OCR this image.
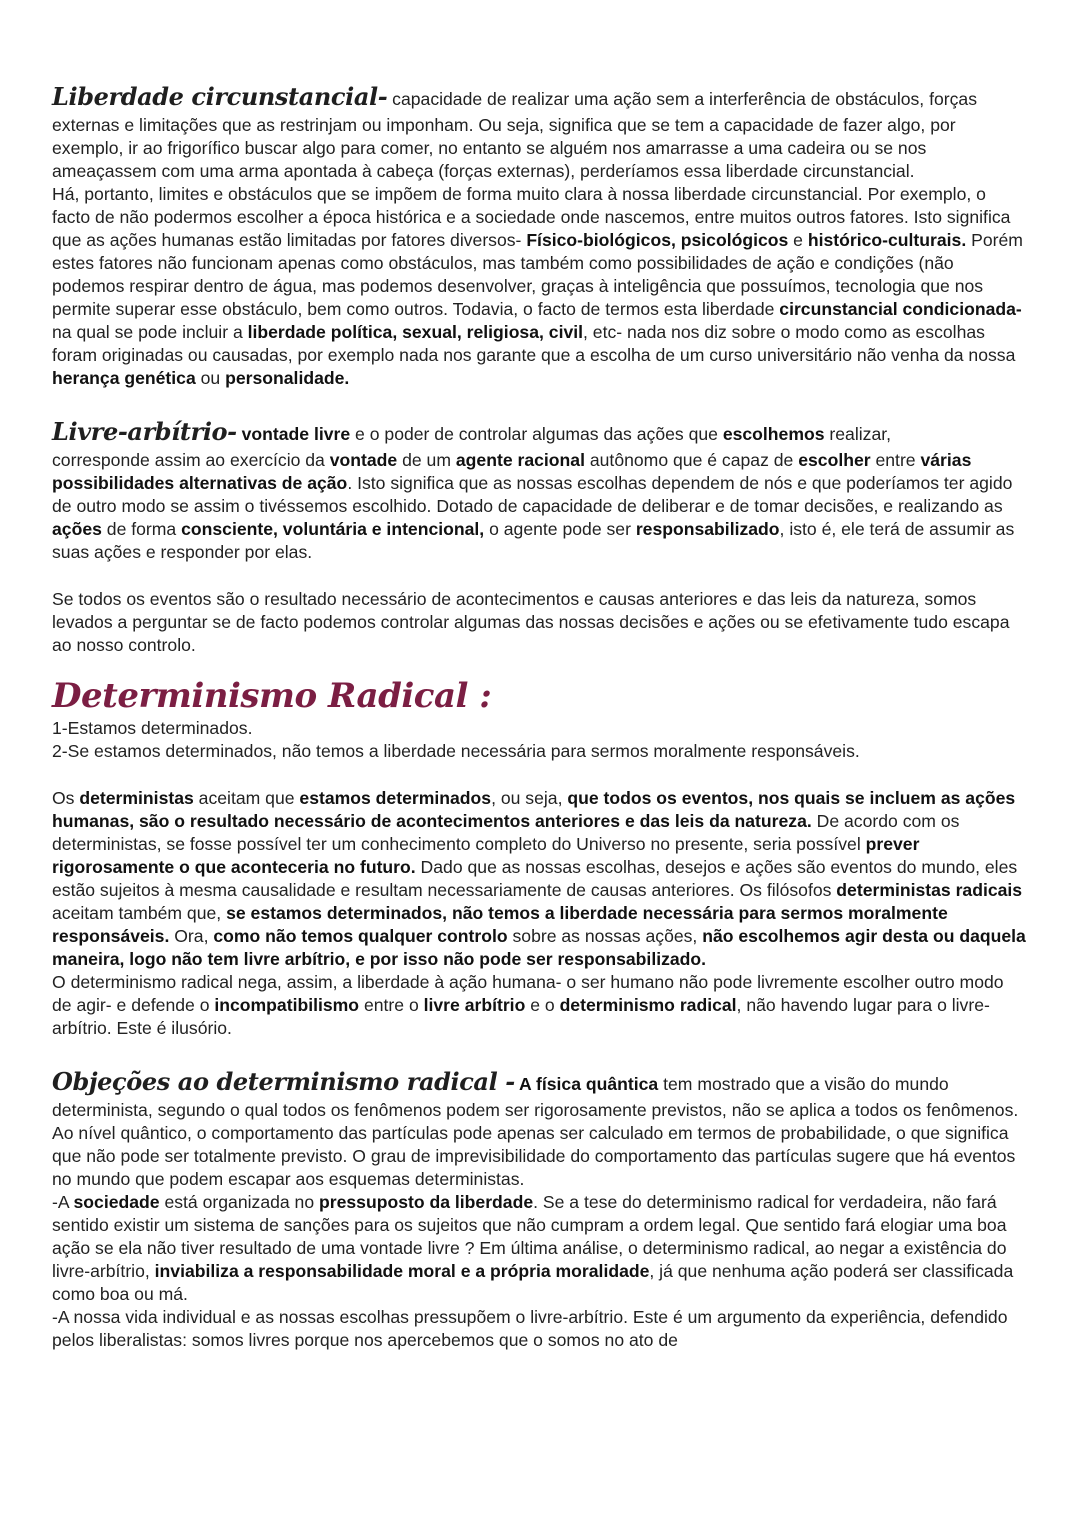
Liberdade circunstancial- capacidade de realizar uma ação sem a interferência de obstáculos, forças
externas e limitações que as restrinjam ou imponham. Ou seja, significa que se tem a capacidade de fazer algo, por exemplo, ir ao frigorífico buscar algo para comer, no entanto se alguém nos amarrasse a uma cadeira ou se nos ameaçassem com uma arma apontada à cabeça (forças externas), perderíamos essa liberdade circunstancial.
Há, portanto, limites e obstáculos que se impõem de forma muito clara à nossa liberdade circunstancial. Por exemplo, o facto de não podermos escolher a época histórica e a sociedade onde nascemos, entre muitos outros fatores. Isto significa que as ações humanas estão limitadas por fatores diversos- Físico-biológicos, psicológicos e histórico-culturais. Porém estes fatores não funcionam apenas como obstáculos, mas também como possibilidades de ação e condições (não podemos respirar dentro de água, mas podemos desenvolver, graças à inteligência que possuímos, tecnologia que nos permite superar esse obstáculo, bem como outros. Todavia, o facto de termos esta liberdade circunstancial condicionada- na qual se pode incluir a liberdade política, sexual, religiosa, civil, etc- nada nos diz sobre o modo como as escolhas foram originadas ou causadas, por exemplo nada nos garante que a escolha de um curso universitário não venha da nossa herança genética ou personalidade.
Livre-arbítrio- vontade livre e o poder de controlar algumas das ações que escolhemos realizar,
corresponde assim ao exercício da vontade de um agente racional autônomo que é capaz de escolher entre várias possibilidades alternativas de ação. Isto significa que as nossas escolhas dependem de nós e que poderíamos ter agido de outro modo se assim o tivéssemos escolhido. Dotado de capacidade de deliberar e de tomar decisões, e realizando as ações de forma consciente, voluntária e intencional, o agente pode ser responsabilizado, isto é, ele terá de assumir as suas ações e responder por elas.
Se todos os eventos são o resultado necessário de acontecimentos e causas anteriores e das leis da natureza, somos levados a perguntar se de facto podemos controlar algumas das nossas decisões e ações ou se efetivamente tudo escapa ao nosso controlo.
Determinismo Radical :
1-Estamos determinados.
2-Se estamos determinados, não temos a liberdade necessária para sermos moralmente responsáveis.
Os deterministas aceitam que estamos determinados, ou seja, que todos os eventos, nos quais se incluem as ações humanas, são o resultado necessário de acontecimentos anteriores e das leis da natureza. De acordo com os deterministas, se fosse possível ter um conhecimento completo do Universo no presente, seria possível prever rigorosamente o que aconteceria no futuro. Dado que as nossas escolhas, desejos e ações são eventos do mundo, eles estão sujeitos à mesma causalidade e resultam necessariamente de causas anteriores. Os filósofos deterministas radicais aceitam também que, se estamos determinados, não temos a liberdade necessária para sermos moralmente responsáveis. Ora, como não temos qualquer controlo sobre as nossas ações, não escolhemos agir desta ou daquela maneira, logo não tem livre arbítrio, e por isso não pode ser responsabilizado.
O determinismo radical nega, assim, a liberdade à ação humana- o ser humano não pode livremente escolher outro modo de agir- e defende o incompatibilismo entre o livre arbítrio e o determinismo radical, não havendo lugar para o livre-arbítrio. Este é ilusório.
Objeções ao determinismo radical - A física quântica tem mostrado que a visão do mundo
determinista, segundo o qual todos os fenômenos podem ser rigorosamente previstos, não se aplica a todos os fenômenos. Ao nível quântico, o comportamento das partículas pode apenas ser calculado em termos de probabilidade, o que significa que não pode ser totalmente previsto. O grau de imprevisibilidade do comportamento das partículas sugere que há eventos no mundo que podem escapar aos esquemas deterministas.
-A sociedade está organizada no pressuposto da liberdade. Se a tese do determinismo radical for verdadeira, não fará sentido existir um sistema de sanções para os sujeitos que não cumpram a ordem legal. Que sentido fará elogiar uma boa ação se ela não tiver resultado de uma vontade livre ? Em última análise, o determinismo radical, ao negar a existência do livre-arbítrio, inviabiliza a responsabilidade moral e a própria moralidade, já que nenhuma ação poderá ser classificada como boa ou má.
-A nossa vida individual e as nossas escolhas pressupõem o livre-arbítrio. Este é um argumento da experiência, defendido pelos liberalistas: somos livres porque nos apercebemos que o somos no ato de
